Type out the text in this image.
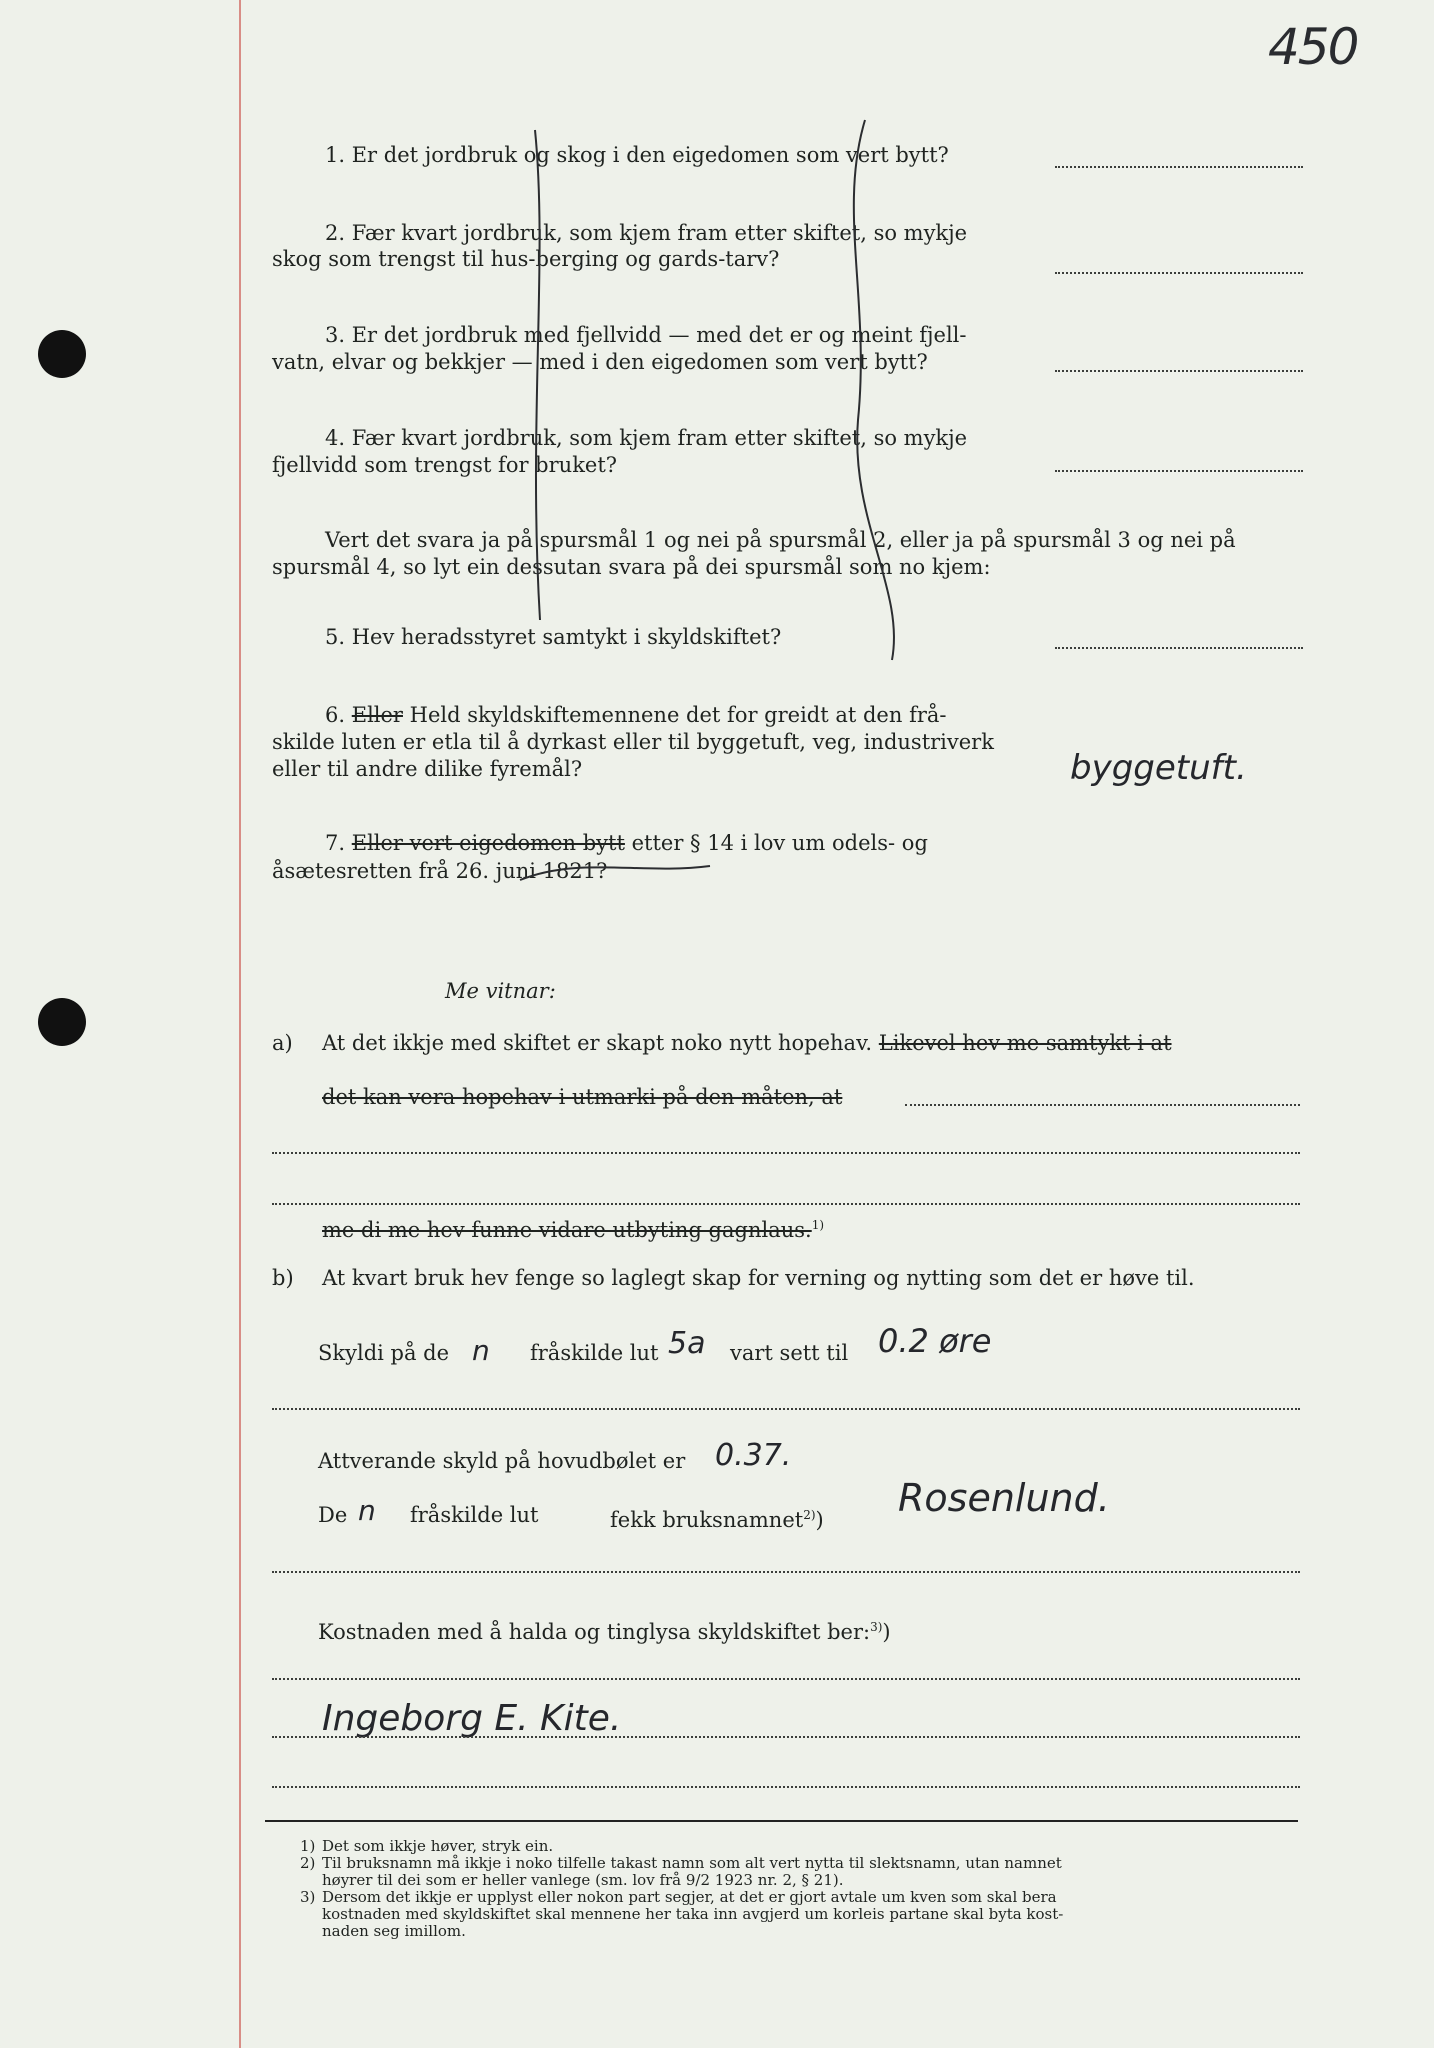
450
1. Er det jordbruk og skog i den eigedomen som vert bytt?
2. Fær kvart jordbruk, som kjem fram etter skiftet, so mykje
skog som trengst til hus‐berging og gards‐tarv?
3. Er det jordbruk med fjellvidd — med det er og meint fjell‐
vatn, elvar og bekkjer — med i den eigedomen som vert bytt?
4. Fær kvart jordbruk, som kjem fram etter skiftet, so mykje
fjellvidd som trengst for bruket?
Vert det svara ja på spursmål 1 og nei på spursmål 2, eller ja på spursmål 3 og nei på
spursmål 4, so lyt ein dessutan svara på dei spursmål som no kjem:
5. Hev heradsstyret samtykt i skyldskiftet?
6. Eller Held skyldskiftemennene det for greidt at den frå‐
skilde luten er etla til å dyrkast eller til byggetuft, veg, industriverk
eller til andre dilike fyremål?	byggetuft.
7. Eller vert eigedomen bytt etter § 14 i lov um odels‐ og
åsætesretten frå 26. juni 1821?
Me vitnar:
a) At det ikkje med skiftet er skapt noko nytt hopehav. Likevel hev me samtykt i at
det kan vera hopehav i utmarki på den måten, at
me di me hev funne vidare utbyting gagnlaus.$^{1)}$
b) At kvart bruk hev fenge so laglegt skap for verning og nytting som det er høve til.
Skyldi på de n fråskilde lut 5a vart sett til 0.2 øre
Attverande skyld på hovudbølet er 0.37.
De n fråskilde lut	fekk bruksnamnet$^{2)}$) Rosenlund.
Kostnaden med å halda og tinglysa skyldskiftet ber:$^{3)}$)
Ingeborg E. Kite.
1) Det som ikkje høver, stryk ein.
2) Til bruksnamn må ikkje i noko tilfelle takast namn som alt vert nytta til slektsnamn, utan namnet
høyrer til dei som er heller vanlege (sm. lov frå 9/2 1923 nr. 2, § 21).
3) Dersom det ikkje er upplyst eller nokon part segjer, at det er gjort avtale um kven som skal bera
kostnaden med skyldskiftet skal mennene her taka inn avgjerd um korleis partane skal byta kost‐
naden seg imillom.
